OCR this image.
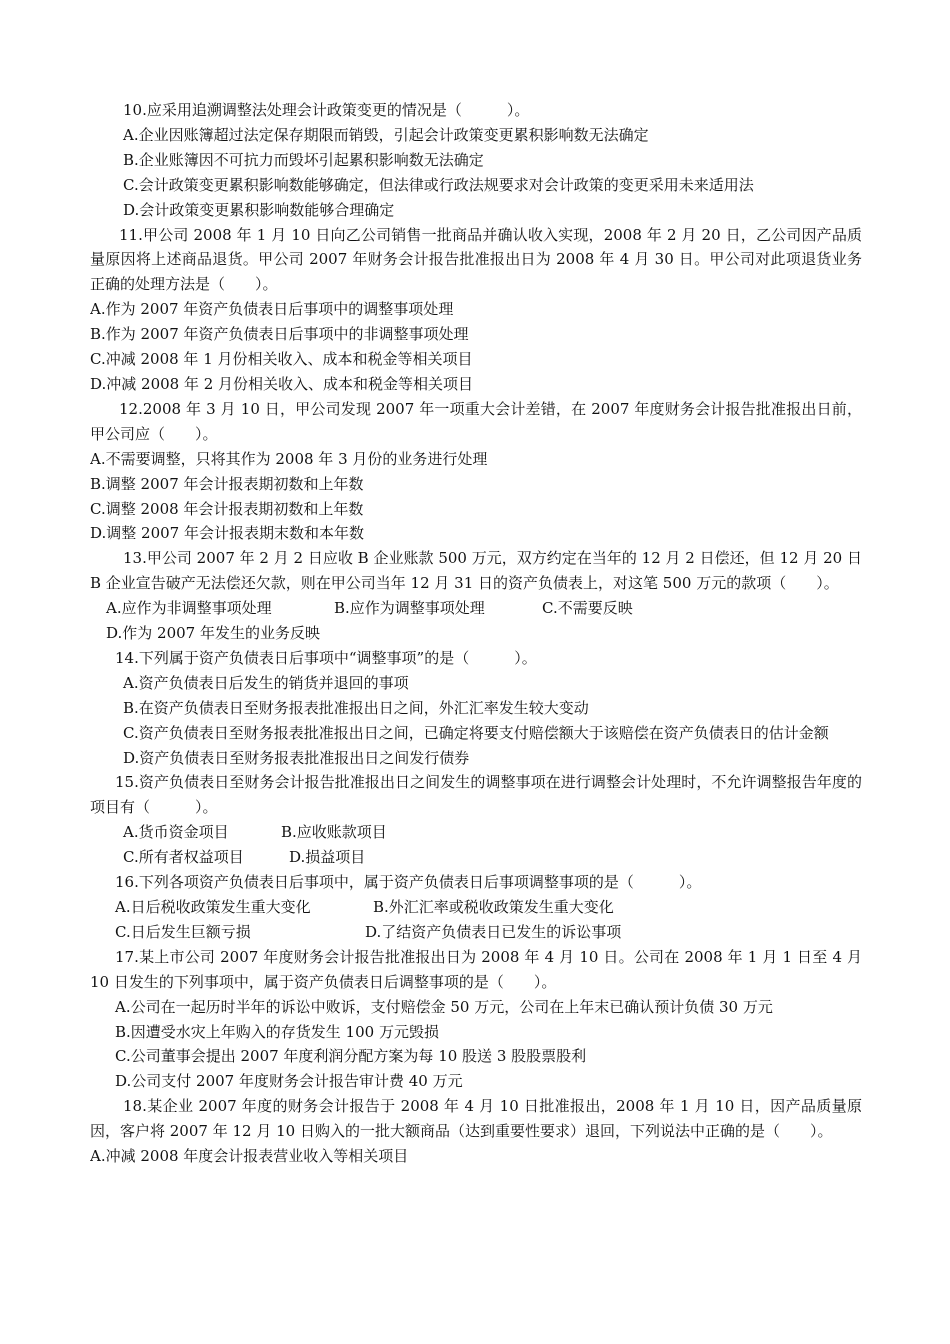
10.应采用追溯调整法处理会计政策变更的情况是（　　　）。
A.企业因账簿超过法定保存期限而销毁，引起会计政策变更累积影响数无法确定
B.企业账簿因不可抗力而毁坏引起累积影响数无法确定
C.会计政策变更累积影响数能够确定，但法律或行政法规要求对会计政策的变更采用未来适用法
D.会计政策变更累积影响数能够合理确定
11.甲公司 2008 年 1 月 10 日向乙公司销售一批商品并确认收入实现，2008 年 2 月 20 日，乙公司因产品质量原因将上述商品退货。甲公司 2007 年财务会计报告批准报出日为 2008 年 4 月 30 日。甲公司对此项退货业务正确的处理方法是（　　）。
A.作为 2007 年资产负债表日后事项中的调整事项处理
B.作为 2007 年资产负债表日后事项中的非调整事项处理
C.冲减 2008 年 1 月份相关收入、成本和税金等相关项目
D.冲减 2008 年 2 月份相关收入、成本和税金等相关项目
12.2008 年 3 月 10 日，甲公司发现 2007 年一项重大会计差错，在 2007 年度财务会计报告批准报出日前，甲公司应（　　）。
A.不需要调整，只将其作为 2008 年 3 月份的业务进行处理
B.调整 2007 年会计报表期初数和上年数
C.调整 2008 年会计报表期初数和上年数
D.调整 2007 年会计报表期末数和本年数
13.甲公司 2007 年 2 月 2 日应收 B 企业账款 500 万元，双方约定在当年的 12 月 2 日偿还，但 12 月 20 日 B 企业宣告破产无法偿还欠款，则在甲公司当年 12 月 31 日的资产负债表上，对这笔 500 万元的款项（　　）。
A.应作为非调整事项处理	B.应作为调整事项处理	C.不需要反映
D.作为 2007 年发生的业务反映
14.下列属于资产负债表日后事项中“调整事项”的是（　　　）。
A.资产负债表日后发生的销货并退回的事项
B.在资产负债表日至财务报表批准报出日之间，外汇汇率发生较大变动
C.资产负债表日至财务报表批准报出日之间，已确定将要支付赔偿额大于该赔偿在资产负债表日的估计金额
D.资产负债表日至财务报表批准报出日之间发行债券
15.资产负债表日至财务会计报告批准报出日之间发生的调整事项在进行调整会计处理时，不允许调整报告年度的项目有（　　　）。
A.货币资金项目	B.应收账款项目
C.所有者权益项目	D.损益项目
16.下列各项资产负债表日后事项中，属于资产负债表日后事项调整事项的是（　　　）。
A.日后税收政策发生重大变化	B.外汇汇率或税收政策发生重大变化
C.日后发生巨额亏损	D.了结资产负债表日已发生的诉讼事项
17.某上市公司 2007 年度财务会计报告批准报出日为 2008 年 4 月 10 日。公司在 2008 年 1 月 1 日至 4 月 10 日发生的下列事项中，属于资产负债表日后调整事项的是（　　）。
A.公司在一起历时半年的诉讼中败诉，支付赔偿金 50 万元，公司在上年末已确认预计负债 30 万元
B.因遭受水灾上年购入的存货发生 100 万元毁损
C.公司董事会提出 2007 年度利润分配方案为每 10 股送 3 股股票股利
D.公司支付 2007 年度财务会计报告审计费 40 万元
18.某企业 2007 年度的财务会计报告于 2008 年 4 月 10 日批准报出，2008 年 1 月 10 日，因产品质量原因，客户将 2007 年 12 月 10 日购入的一批大额商品（达到重要性要求）退回，下列说法中正确的是（　　）。
A.冲减 2008 年度会计报表营业收入等相关项目
